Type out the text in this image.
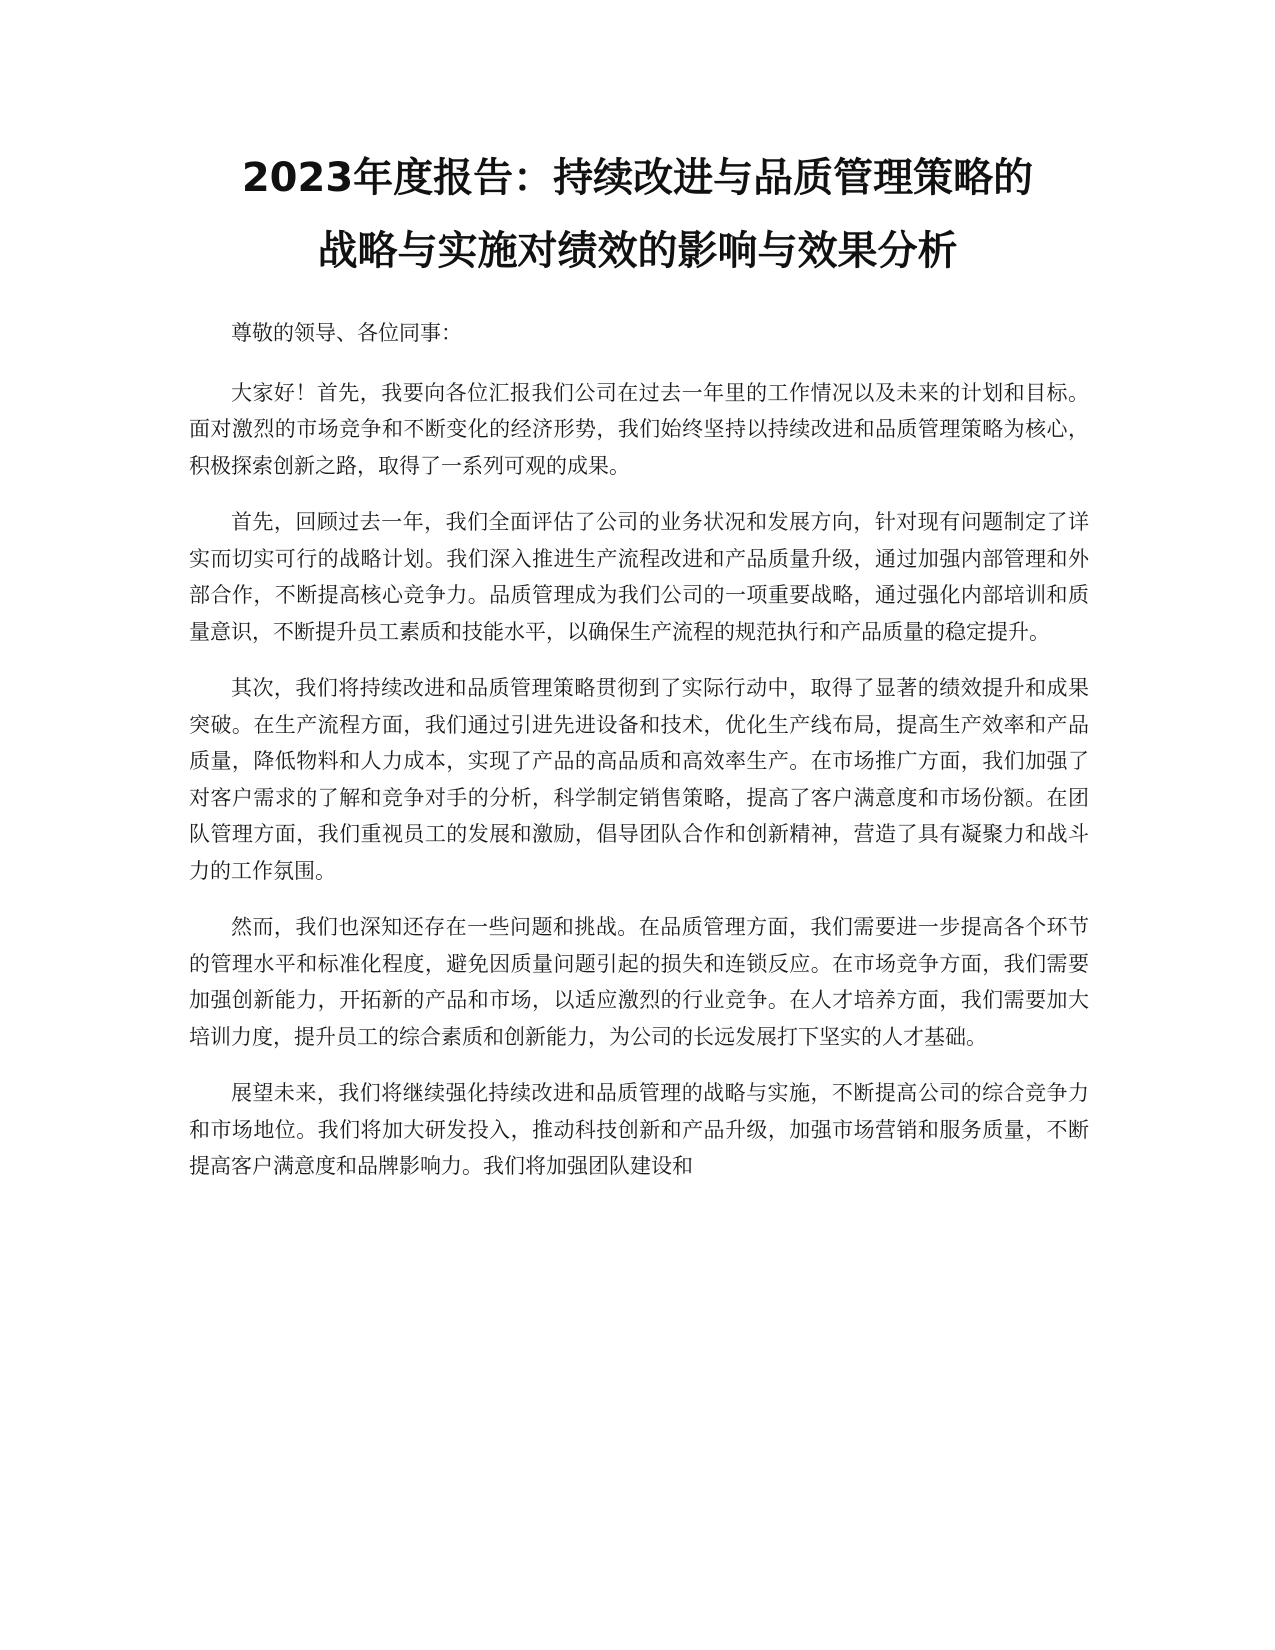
2023年度报告：持续改进与品质管理策略的
战略与实施对绩效的影响与效果分析

尊敬的领导、各位同事：

大家好！首先，我要向各位汇报我们公司在过去一年里的工作情况以及未来的计划和目标。面对激烈的市场竞争和不断变化的经济形势，我们始终坚持以持续改进和品质管理策略为核心，积极探索创新之路，取得了一系列可观的成果。

首先，回顾过去一年，我们全面评估了公司的业务状况和发展方向，针对现有问题制定了详实而切实可行的战略计划。我们深入推进生产流程改进和产品质量升级，通过加强内部管理和外部合作，不断提高核心竞争力。品质管理成为我们公司的一项重要战略，通过强化内部培训和质量意识，不断提升员工素质和技能水平，以确保生产流程的规范执行和产品质量的稳定提升。

其次，我们将持续改进和品质管理策略贯彻到了实际行动中，取得了显著的绩效提升和成果突破。在生产流程方面，我们通过引进先进设备和技术，优化生产线布局，提高生产效率和产品质量，降低物料和人力成本，实现了产品的高品质和高效率生产。在市场推广方面，我们加强了对客户需求的了解和竞争对手的分析，科学制定销售策略，提高了客户满意度和市场份额。在团队管理方面，我们重视员工的发展和激励，倡导团队合作和创新精神，营造了具有凝聚力和战斗力的工作氛围。

然而，我们也深知还存在一些问题和挑战。在品质管理方面，我们需要进一步提高各个环节的管理水平和标准化程度，避免因质量问题引起的损失和连锁反应。在市场竞争方面，我们需要加强创新能力，开拓新的产品和市场，以适应激烈的行业竞争。在人才培养方面，我们需要加大培训力度，提升员工的综合素质和创新能力，为公司的长远发展打下坚实的人才基础。

展望未来，我们将继续强化持续改进和品质管理的战略与实施，不断提高公司的综合竞争力和市场地位。我们将加大研发投入，推动科技创新和产品升级，加强市场营销和服务质量，不断提高客户满意度和品牌影响力。我们将加强团队建设和
